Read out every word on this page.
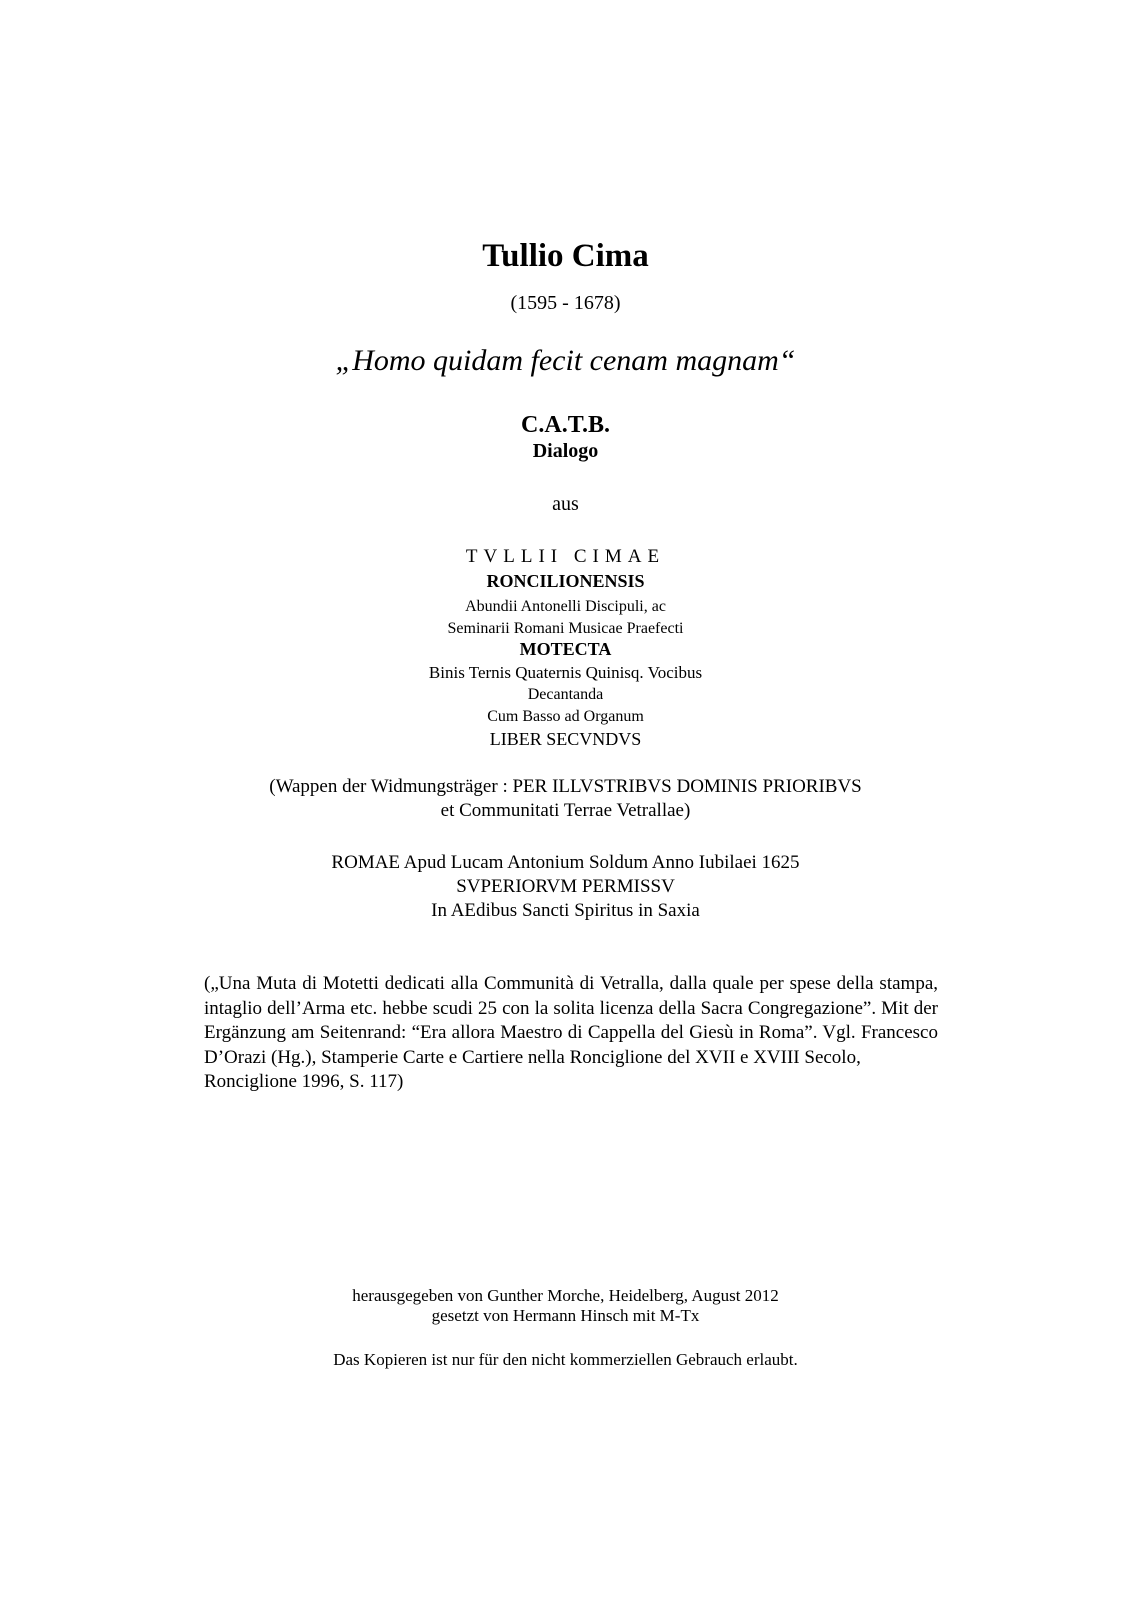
Tullio Cima
(1595 - 1678)
„Homo quidam fecit cenam magnam“
C.A.T.B.
Dialogo
aus
TVLLII CIMAE
RONCILIONENSIS
Abundii Antonelli Discipuli, ac
Seminarii Romani Musicae Praefecti
MOTECTA
Binis Ternis Quaternis Quinisq. Vocibus
Decantanda
Cum Basso ad Organum
LIBER SECVNDVS
(Wappen der Widmungsträger : PER ILLVSTRIBVS DOMINIS PRIORIBVS
et Communitati Terrae Vetrallae)
ROMAE Apud Lucam Antonium Soldum Anno Iubilaei 1625
SVPERIORVM PERMISSV
In AEdibus Sancti Spiritus in Saxia

(„Una Muta di Motetti dedicati alla Communità di Vetralla, dalla quale per spese della stampa, intaglio dell’Arma etc. hebbe scudi 25 con la solita licenza della Sacra Congregazione”. Mit der Ergänzung am Seitenrand: “Era allora Maestro di Cappella del Giesù in Roma”. Vgl. Francesco D’Orazi (Hg.), Stamperie Carte e Cartiere nella Ronciglione del XVII e XVIII Secolo,

Ronciglione 1996, S. 117)

herausgegeben von Gunther Morche, Heidelberg, August 2012
gesetzt von Hermann Hinsch mit M-Tx
Das Kopieren ist nur für den nicht kommerziellen Gebrauch erlaubt.
